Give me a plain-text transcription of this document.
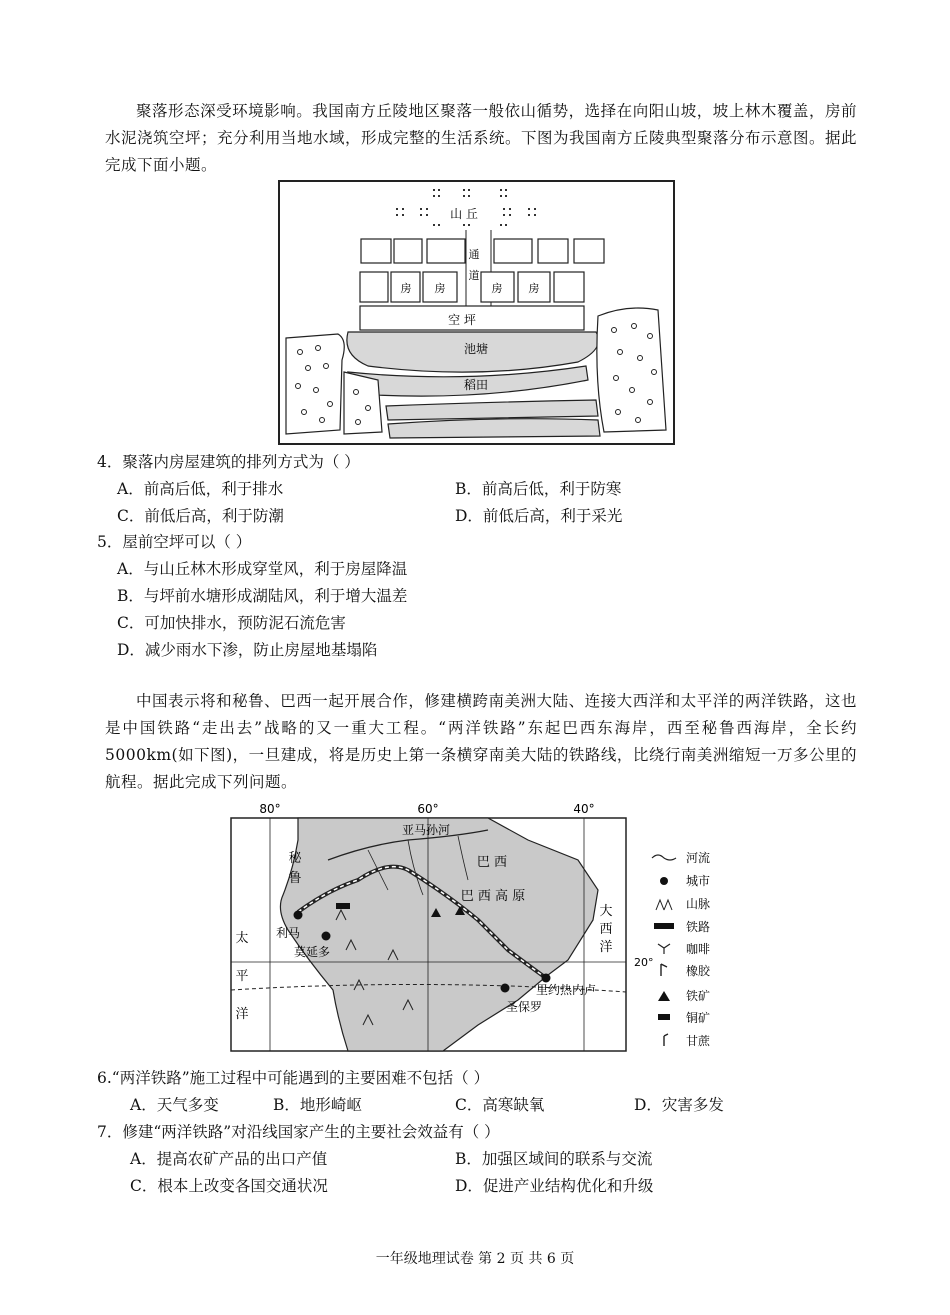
聚落形态深受环境影响。我国南方丘陵地区聚落一般依山循势，选择在向阳山坡，坡上林木覆盖，房前水泥浇筑空坪；充分利用当地水域，形成完整的生活系统。下图为我国南方丘陵典型聚落分布示意图。据此完成下面小题。

山 丘
通
道
房 房	房 房
空 坪
池塘
稻田

4．聚落内房屋建筑的排列方式为（ ）

A．前高后低，利于排水	B．前高后低，利于防寒

C．前低后高，利于防潮	D．前低后高，利于采光

5．屋前空坪可以（ ）

A．与山丘林木形成穿堂风，利于房屋降温

B．与坪前水塘形成湖陆风，利于增大温差

C．可加快排水，预防泥石流危害

D．减少雨水下渗，防止房屋地基塌陷

中国表示将和秘鲁、巴西一起开展合作，修建横跨南美洲大陆、连接大西洋和太平洋的两洋铁路，这也是中国铁路“走出去”战略的又一重大工程。“两洋铁路”东起巴西东海岸，西至秘鲁西海岸，全长约 5000km(如下图)，一旦建成，将是历史上第一条横穿南美大陆的铁路线，比绕行南美洲缩短一万多公里的航程。据此完成下列问题。

80°	60°	40°
20°
亚马孙河
秘
鲁
巴 西
巴 西 高 原
利马
莫延多
圣保罗
里约热内卢
太
平
洋
大
西
洋
河流
城市
山脉
铁路
咖啡
橡胶
铁矿
铜矿
甘蔗

6.“两洋铁路”施工过程中可能遇到的主要困难不包括（ ）

A．天气多变	B．地形崎岖	C．高寒缺氧	D．灾害多发

7．修建“两洋铁路”对沿线国家产生的主要社会效益有（ ）

A．提高农矿产品的出口产值	B．加强区域间的联系与交流

C．根本上改变各国交通状况	D．促进产业结构优化和升级

一年级地理试卷 第 2 页 共 6 页
